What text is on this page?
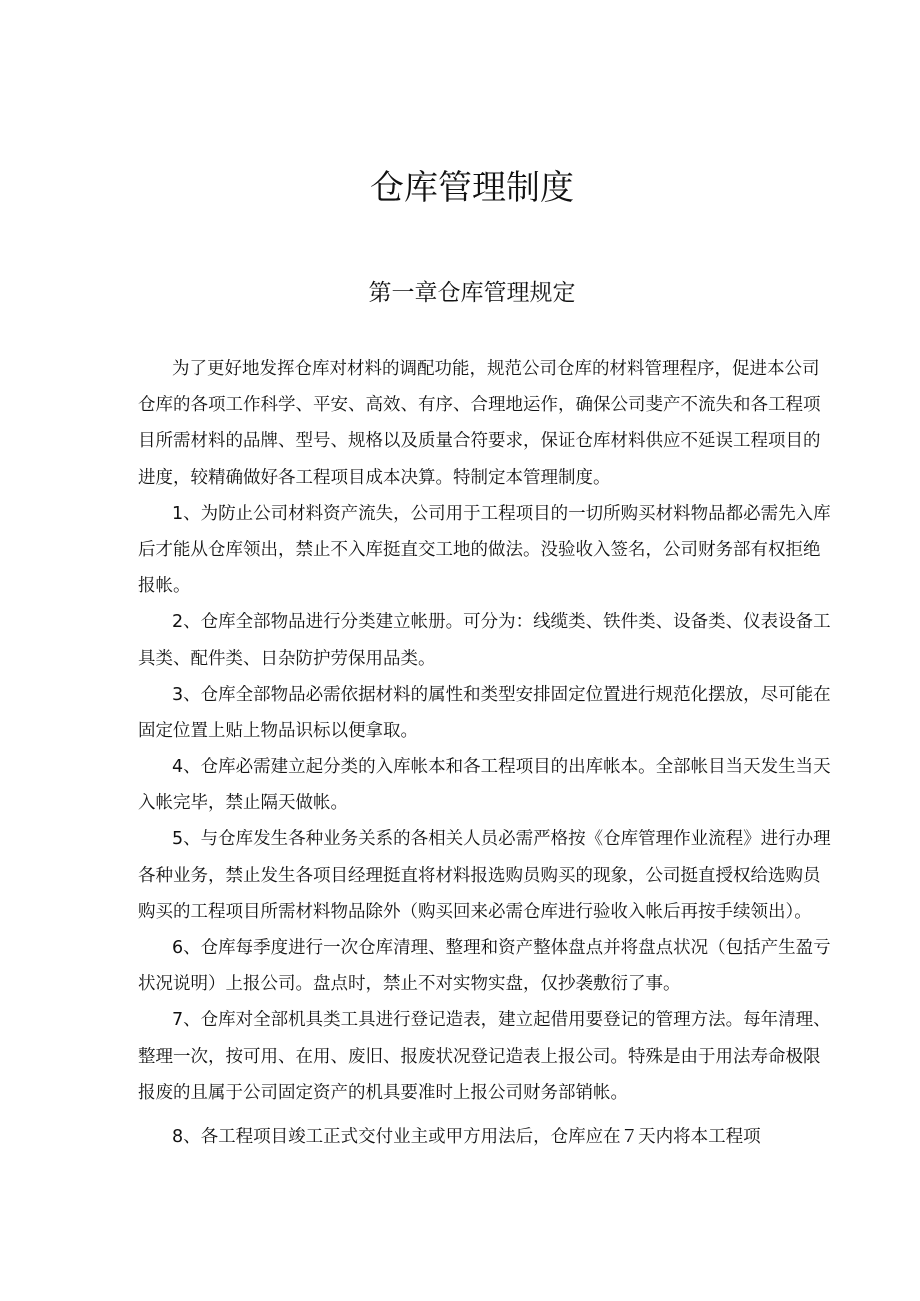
仓库管理制度
第一章仓库管理规定
为了更好地发挥仓库对材料的调配功能，规范公司仓库的材料管理程序，促进本公司
仓库的各项工作科学、平安、高效、有序、合理地运作，确保公司斐产不流失和各工程项
目所需材料的品牌、型号、规格以及质量合符要求，保证仓库材料供应不延误工程项目的
进度，较精确做好各工程项目成本决算。特制定本管理制度。
1、为防止公司材料资产流失，公司用于工程项目的一切所购买材料物品都必需先入库
后才能从仓库领出，禁止不入库挺直交工地的做法。没验收入签名，公司财务部有权拒绝
报帐。
2、仓库全部物品进行分类建立帐册。可分为：线缆类、铁件类、设备类、仪表设备工
具类、配件类、日杂防护劳保用品类。
3、仓库全部物品必需依据材料的属性和类型安排固定位置进行规范化摆放，尽可能在
固定位置上贴上物品识标以便拿取。
4、仓库必需建立起分类的入库帐本和各工程项目的出库帐本。全部帐目当天发生当天
入帐完毕，禁止隔天做帐。
5、与仓库发生各种业务关系的各相关人员必需严格按《仓库管理作业流程》进行办理
各种业务，禁止发生各项目经理挺直将材料报选购员购买的现象，公司挺直授权给选购员
购买的工程项目所需材料物品除外（购买回来必需仓库进行验收入帐后再按手续领出）。
6、仓库每季度进行一次仓库清理、整理和资产整体盘点并将盘点状况（包括产生盈亏
状况说明）上报公司。盘点时，禁止不对实物实盘，仅抄袭敷衍了事。
7、仓库对全部机具类工具进行登记造表，建立起借用要登记的管理方法。每年清理、
整理一次，按可用、在用、废旧、报废状况登记造表上报公司。特殊是由于用法寿命极限
报废的且属于公司固定资产的机具要准时上报公司财务部销帐。
8、各工程项目竣工正式交付业主或甲方用法后，仓库应在７天内将本工程项
